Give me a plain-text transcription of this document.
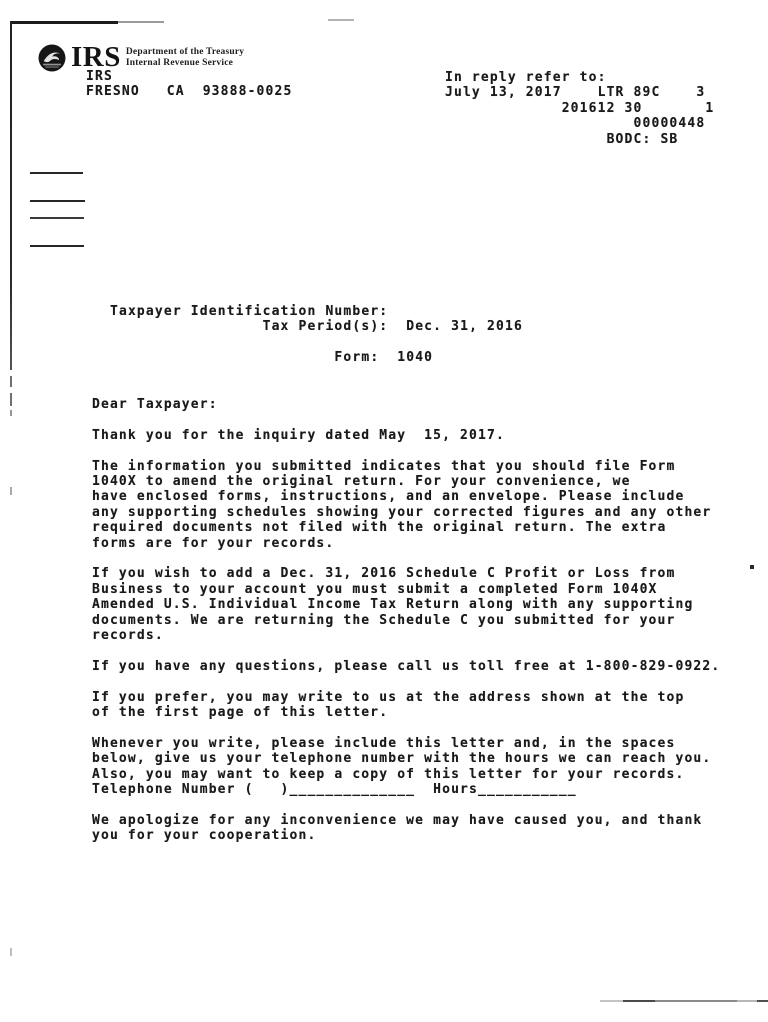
IRS Department of the Treasury
Internal Revenue Service
IRS
FRESNO   CA  93888-0025
In reply refer to:
July 13, 2017    LTR 89C    3
201612 30       1
00000448
BODC: SB
Taxpayer Identification Number:
Tax Period(s):  Dec. 31, 2016
Form:  1040
Dear Taxpayer:
Thank you for the inquiry dated May  15, 2017.
The information you submitted indicates that you should file Form
1040X to amend the original return. For your convenience, we
have enclosed forms, instructions, and an envelope. Please include
any supporting schedules showing your corrected figures and any other
required documents not filed with the original return. The extra
forms are for your records.
If you wish to add a Dec. 31, 2016 Schedule C Profit or Loss from
Business to your account you must submit a completed Form 1040X
Amended U.S. Individual Income Tax Return along with any supporting
documents. We are returning the Schedule C you submitted for your
records.
If you have any questions, please call us toll free at 1-800-829-0922.
If you prefer, you may write to us at the address shown at the top
of the first page of this letter.
Whenever you write, please include this letter and, in the spaces
below, give us your telephone number with the hours we can reach you.
Also, you may want to keep a copy of this letter for your records.
Telephone Number (   )______________  Hours___________
We apologize for any inconvenience we may have caused you, and thank
you for your cooperation.
